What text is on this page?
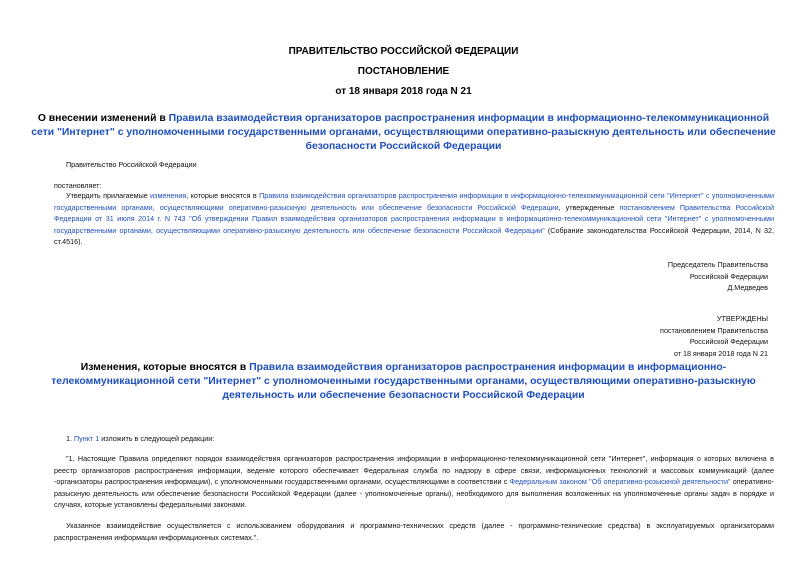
ПРАВИТЕЛЬСТВО РОССИЙСКОЙ ФЕДЕРАЦИИ
ПОСТАНОВЛЕНИЕ
от 18 января 2018 года N 21
О внесении изменений в Правила взаимодействия организаторов распространения информации в информационно-телекоммуникационной сети "Интернет" с уполномоченными государственными органами, осуществляющими оперативно-разыскную деятельность или обеспечение безопасности Российской Федерации
Правительство Российской Федерации
постановляет:
Утвердить прилагаемые изменения, которые вносятся в Правила взаимодействия организаторов распространения информации в информационно-телекоммуникационной сети "Интернет" с уполномоченными государственными органами, осуществляющими оперативно-разыскную деятельность или обеспечение безопасности Российской Федерации, утвержденные постановлением Правительства Российской Федерации от 31 июля 2014 г. N 743 "Об утверждении Правил взаимодействия организаторов распространения информации в информационно-телекоммуникационной сети "Интернет" с уполномоченными государственными органами, осуществляющими оперативно-разыскную деятельность или обеспечение безопасности Российской Федерации" (Собрание законодательства Российской Федерации, 2014, N 32, ст.4516).
Председатель Правительства
Российской Федерации
Д.Медведев
УТВЕРЖДЕНЫ
постановлением Правительства
Российской Федерации
от 18 января 2018 года N 21
Изменения, которые вносятся в Правила взаимодействия организаторов распространения информации в информационно-телекоммуникационной сети "Интернет" с уполномоченными государственными органами, осуществляющими оперативно-разыскную деятельность или обеспечение безопасности Российской Федерации
1. Пункт 1 изложить в следующей редакции:
"1. Настоящие Правила определяют порядок взаимодействия организаторов распространения информации в информационно-телекоммуникационной сети "Интернет", информация о которых включена в реестр организаторов распространения информации, ведение которого обеспечивает Федеральная служба по надзору в сфере связи, информационных технологий и массовых коммуникаций (далее -организаторы распространения информации), с уполномоченными государственными органами, осуществляющими в соответствии с Федеральным законом "Об оперативно-розыскной деятельности" оперативно-разыскную деятельность или обеспечение безопасности Российской Федерации (далее - уполномоченные органы), необходимого для выполнения возложенных на уполномоченные органы задач в порядке и случаях, которые установлены федеральными законами.
Указанное взаимодействие осуществляется с использованием оборудования и программно-технических средств (далее - программно-технические средства) в эксплуатируемых организаторами распространения информации информационных системах.".
